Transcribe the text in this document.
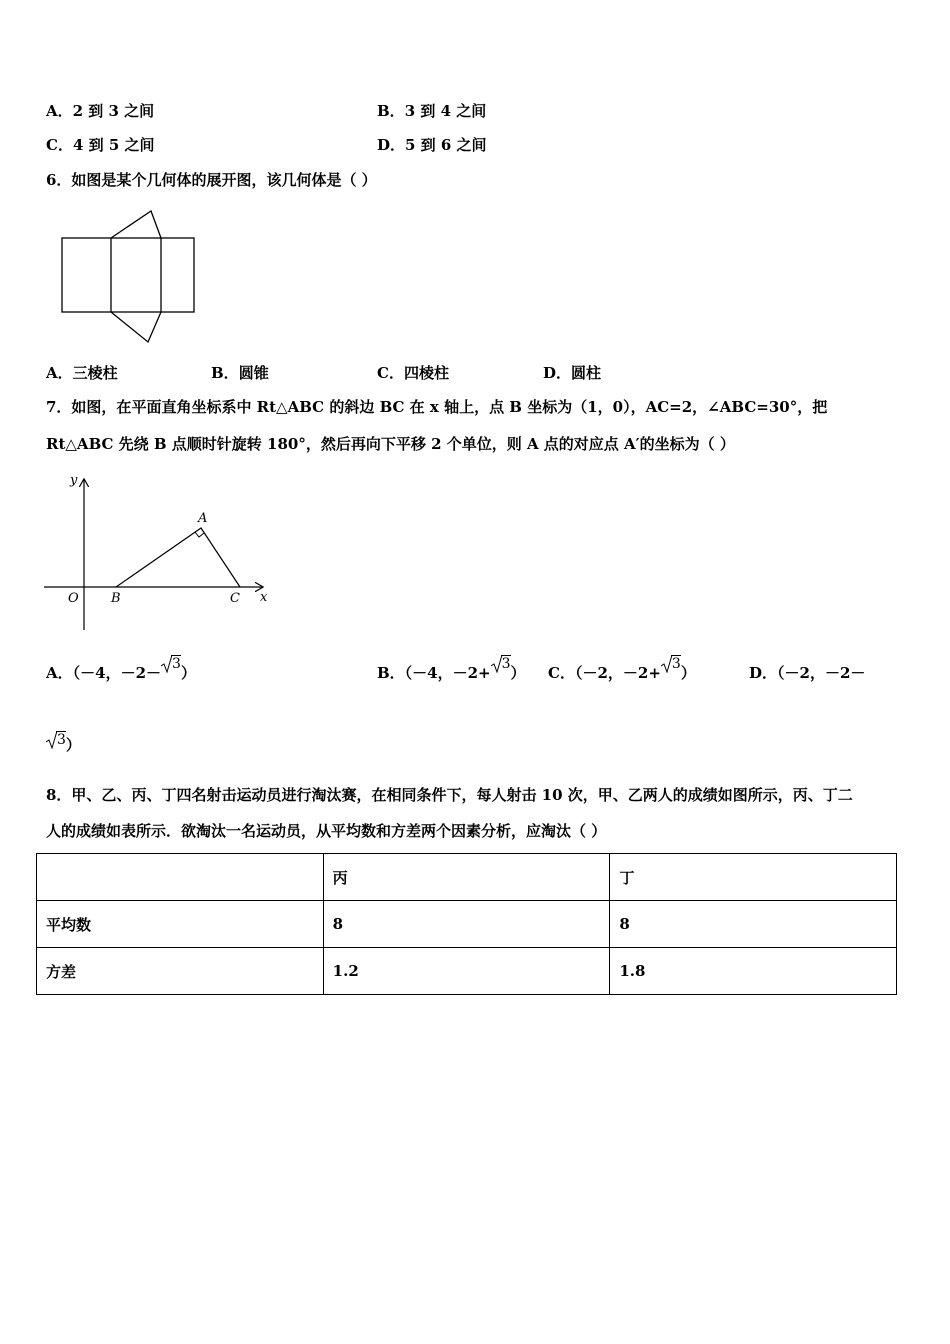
A．2 到 3 之间	B．3 到 4 之间
C．4 到 5 之间	D．5 到 6 之间
6．如图是某个几何体的展开图，该几何体是（ ）
A．三棱柱	B．圆锥	C．四棱柱	D．圆柱
7．如图，在平面直角坐标系中 Rt△ABC 的斜边 BC 在 x 轴上，点 B 坐标为（1，0），AC=2，∠ABC=30°，把
Rt△ABC 先绕 B 点顺时针旋转 180°，然后再向下平移 2 个单位，则 A 点的对应点 A′的坐标为（ ）
y
x
O
A
B	C
A．（－4，－2－ 3）	B．（－4，－2+ 3） C．（－2，－2+ 3）	D．（－2，－2－
3）
8．甲、乙、丙、丁四名射击运动员进行淘汰赛，在相同条件下，每人射击 10 次，甲、乙两人的成绩如图所示，丙、丁二
人的成绩如表所示．欲淘汰一名运动员，从平均数和方差两个因素分析，应淘汰（ ）
	丙	丁
平均数	8	8
方差	1.2	1.8
